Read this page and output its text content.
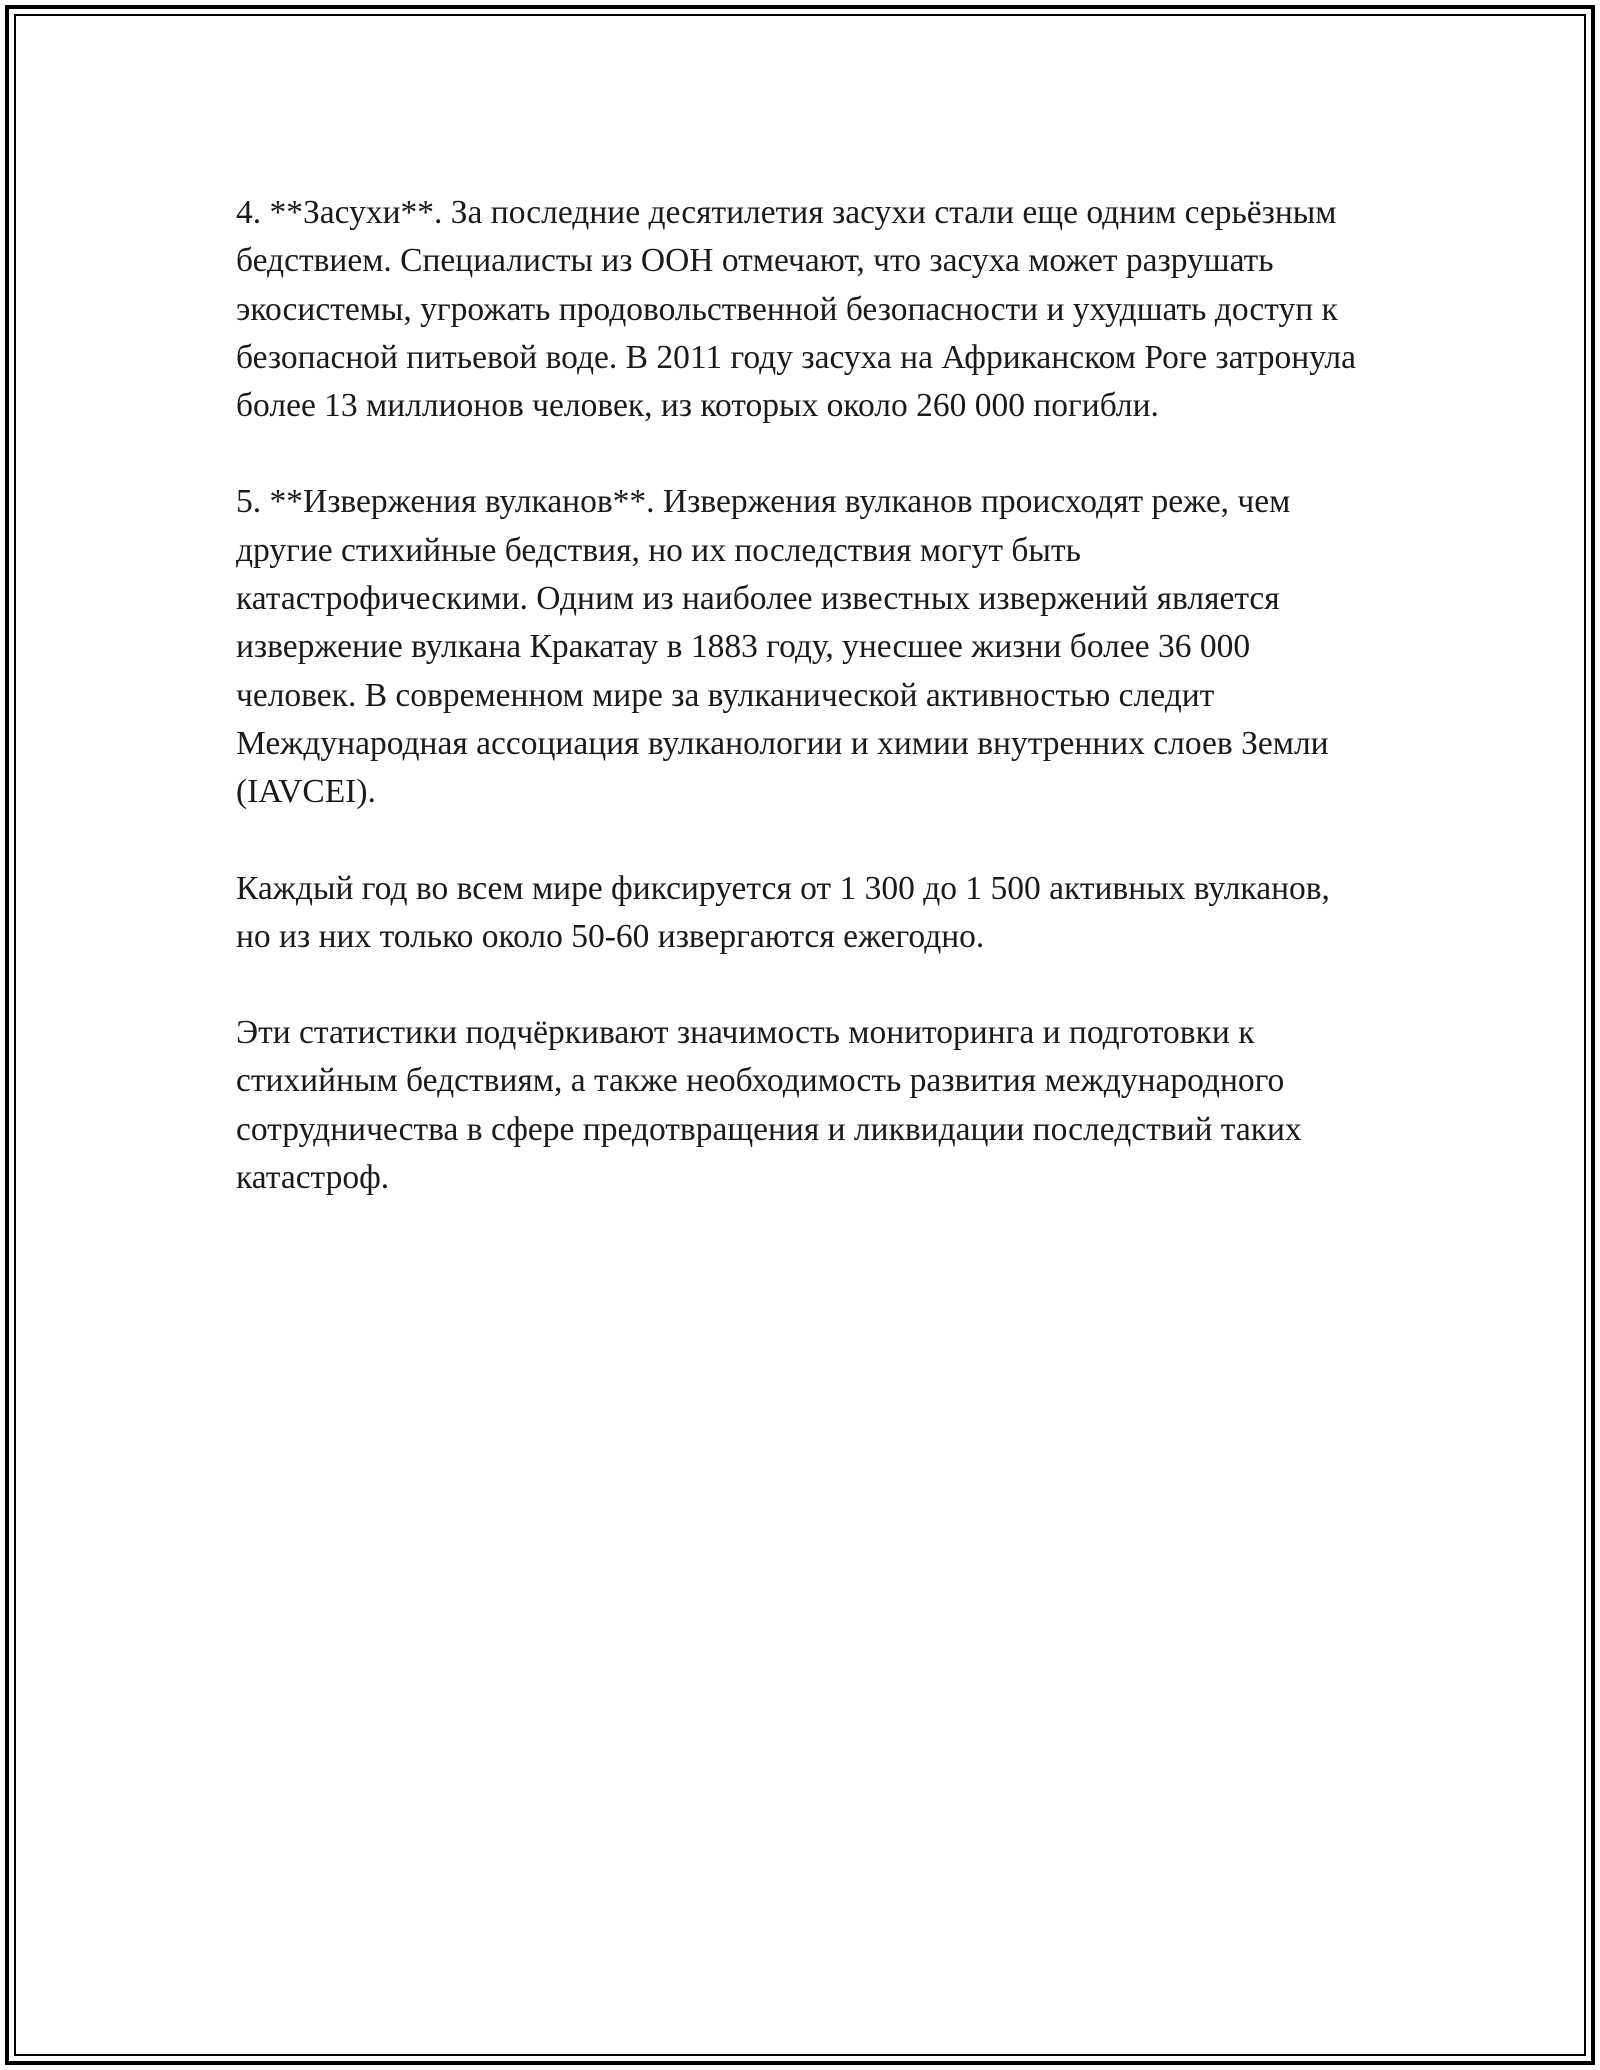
4. **Засухи**. За последние десятилетия засухи стали еще одним серьёзным бедствием. Специалисты из ООН отмечают, что засуха может разрушать экосистемы, угрожать продовольственной безопасности и ухудшать доступ к безопасной питьевой воде. В 2011 году засуха на Африканском Роге затронула более 13 миллионов человек, из которых около 260 000 погибли.

5. **Извержения вулканов**. Извержения вулканов происходят реже, чем другие стихийные бедствия, но их последствия могут быть катастрофическими. Одним из наиболее известных извержений является извержение вулкана Кракатау в 1883 году, унесшее жизни более 36 000 человек. В современном мире за вулканической активностью следит Международная ассоциация вулканологии и химии внутренних слоев Земли (IAVCEI).

Каждый год во всем мире фиксируется от 1 300 до 1 500 активных вулканов, но из них только около 50-60 извергаются ежегодно.

Эти статистики подчёркивают значимость мониторинга и подготовки к стихийным бедствиям, а также необходимость развития международного сотрудничества в сфере предотвращения и ликвидации последствий таких катастроф.
